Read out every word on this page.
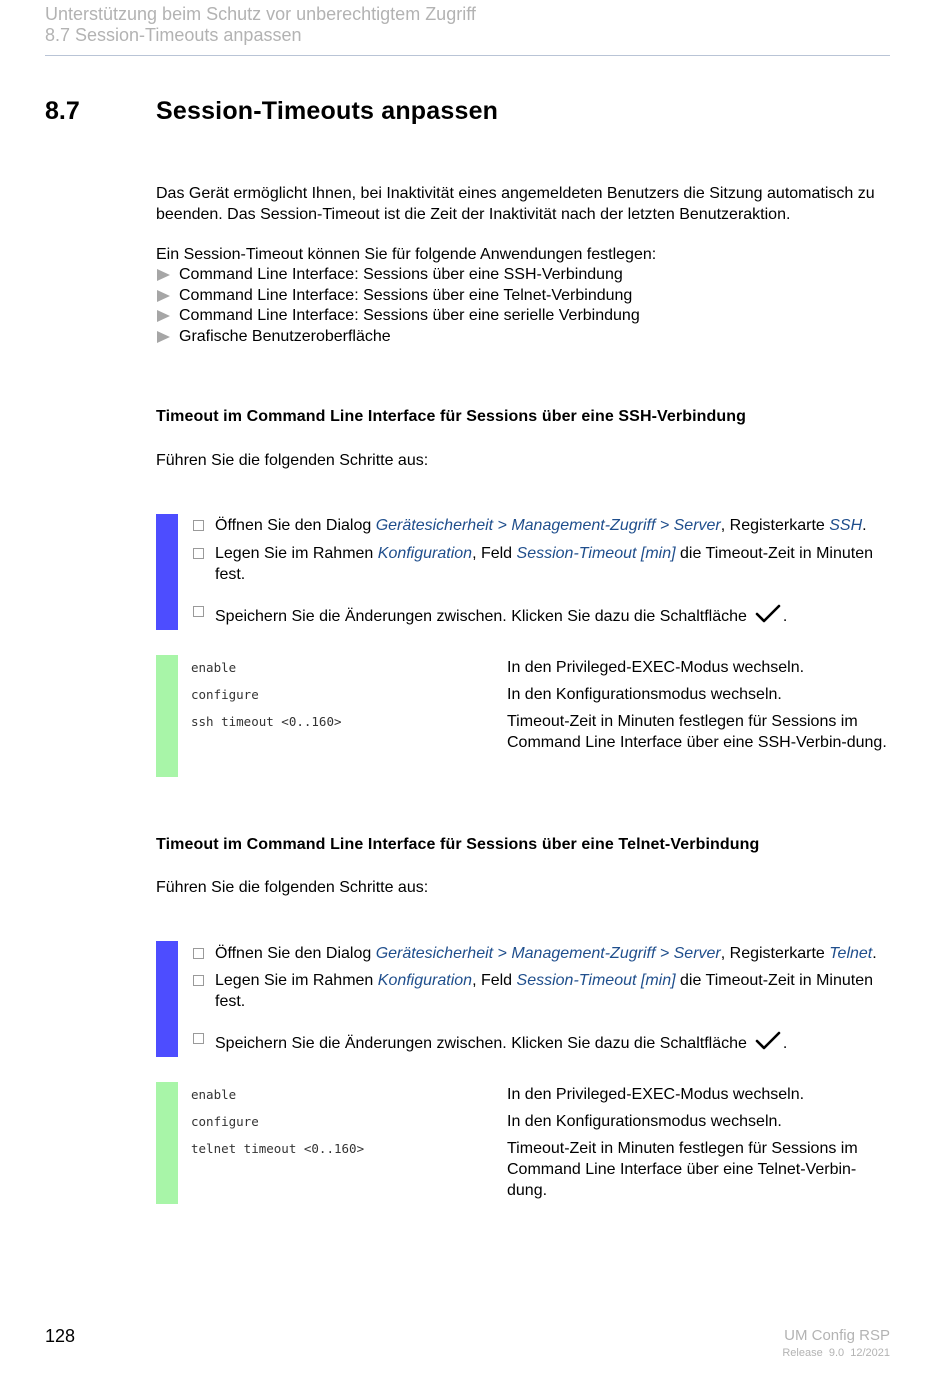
Unterstützung beim Schutz vor unberechtigtem Zugriff
8.7 Session-Timeouts anpassen
8.7	Session-Timeouts anpassen
Das Gerät ermöglicht Ihnen, bei Inaktivität eines angemeldeten Benutzers die Sitzung automatisch zu beenden. Das Session-Timeout ist die Zeit der Inaktivität nach der letzten Benutzeraktion.
Ein Session-Timeout können Sie für folgende Anwendungen festlegen:
Command Line Interface: Sessions über eine SSH-Verbindung
Command Line Interface: Sessions über eine Telnet-Verbindung
Command Line Interface: Sessions über eine serielle Verbindung
Grafische Benutzeroberfläche
Timeout im Command Line Interface für Sessions über eine SSH-Verbindung
Führen Sie die folgenden Schritte aus:
Öffnen Sie den Dialog Gerätesicherheit > Management-Zugriff > Server, Registerkarte SSH.
Legen Sie im Rahmen Konfiguration, Feld Session-Timeout [min] die Timeout-Zeit in Minuten fest.
Speichern Sie die Änderungen zwischen. Klicken Sie dazu die Schaltfläche .
enable	In den Privileged-EXEC-Modus wechseln.
configure	In den Konfigurationsmodus wechseln.
ssh timeout <0..160>	Timeout-Zeit in Minuten festlegen für Sessions im Command Line Interface über eine SSH-Verbin-dung.
Timeout im Command Line Interface für Sessions über eine Telnet-Verbindung
Führen Sie die folgenden Schritte aus:
Öffnen Sie den Dialog Gerätesicherheit > Management-Zugriff > Server, Registerkarte Telnet.
Legen Sie im Rahmen Konfiguration, Feld Session-Timeout [min] die Timeout-Zeit in Minuten fest.
Speichern Sie die Änderungen zwischen. Klicken Sie dazu die Schaltfläche .
enable	In den Privileged-EXEC-Modus wechseln.
configure	In den Konfigurationsmodus wechseln.
telnet timeout <0..160>	Timeout-Zeit in Minuten festlegen für Sessions im Command Line Interface über eine Telnet-Verbin-dung.
128	UM Config RSP
Release  9.0  12/2021
